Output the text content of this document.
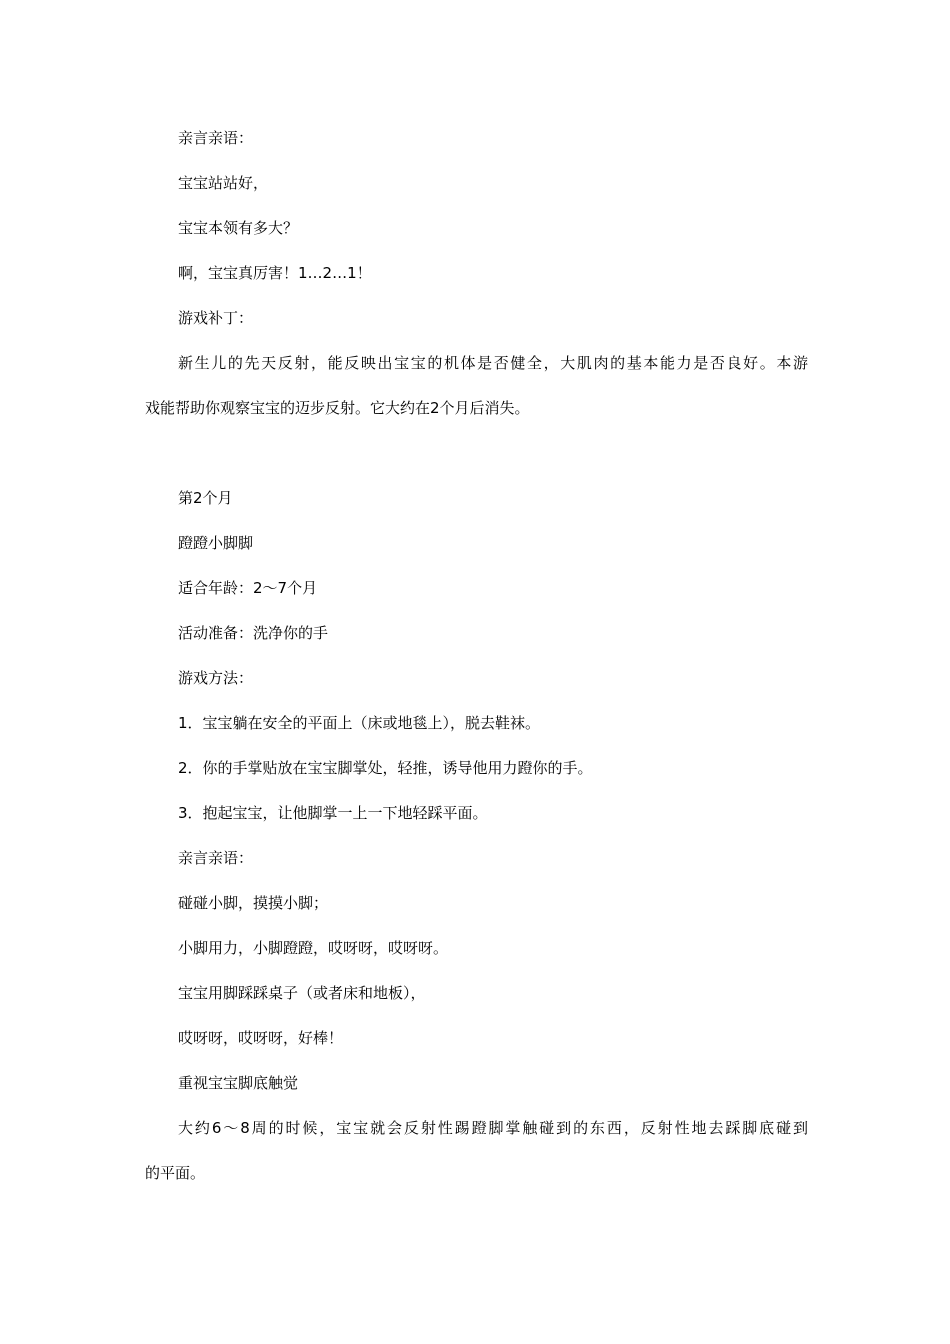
亲言亲语：
宝宝站站好，
宝宝本领有多大？
啊，宝宝真厉害！1…2…1！
游戏补丁：
新生儿的先天反射，能反映出宝宝的机体是否健全，大肌肉的基本能力是否良好。本游
戏能帮助你观察宝宝的迈步反射。它大约在2个月后消失。
第2个月
蹬蹬小脚脚
适合年龄：2～7个月
活动准备：洗净你的手
游戏方法：
1．宝宝躺在安全的平面上（床或地毯上），脱去鞋袜。
2．你的手掌贴放在宝宝脚掌处，轻推，诱导他用力蹬你的手。
3．抱起宝宝，让他脚掌一上一下地轻踩平面。
亲言亲语：
碰碰小脚，摸摸小脚；
小脚用力，小脚蹬蹬，哎呀呀，哎呀呀。
宝宝用脚踩踩桌子（或者床和地板），
哎呀呀，哎呀呀，好棒！
重视宝宝脚底触觉
大约6～8周的时候，宝宝就会反射性踢蹬脚掌触碰到的东西，反射性地去踩脚底碰到
的平面。
